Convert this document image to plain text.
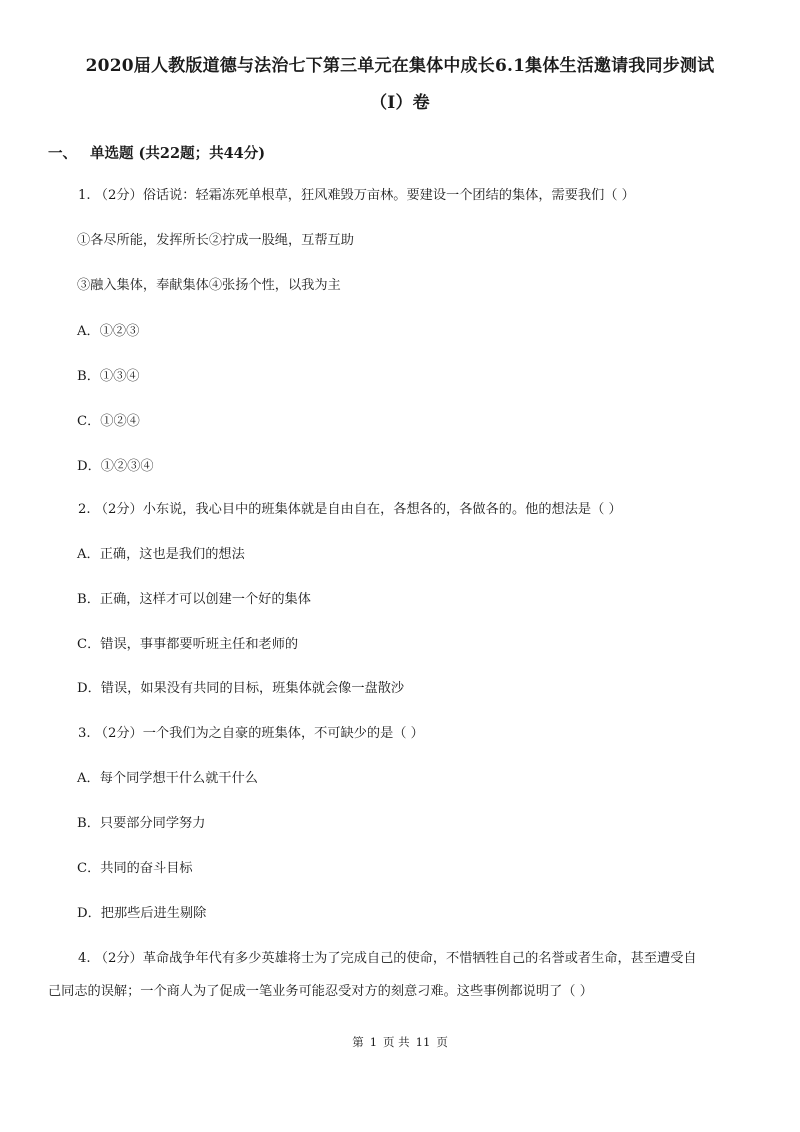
2020届人教版道德与法治七下第三单元在集体中成长6.1集体生活邀请我同步测试
（I）卷
一、 单选题 (共22题；共44分)
1. （2分）俗话说：轻霜冻死单根草，狂风难毁万亩林。要建设一个团结的集体，需要我们（ ）
①各尽所能，发挥所长②拧成一股绳，互帮互助
③融入集体，奉献集体④张扬个性，以我为主
A．①②③
B．①③④
C．①②④
D．①②③④
2. （2分）小东说，我心目中的班集体就是自由自在，各想各的，各做各的。他的想法是（ ）
A．正确，这也是我们的想法
B．正确，这样才可以创建一个好的集体
C．错误，事事都要听班主任和老师的
D．错误，如果没有共同的目标，班集体就会像一盘散沙
3. （2分）一个我们为之自豪的班集体，不可缺少的是（ ）
A．每个同学想干什么就干什么
B．只要部分同学努力
C．共同的奋斗目标
D．把那些后进生剔除
4. （2分）革命战争年代有多少英雄将士为了完成自己的使命，不惜牺牲自己的名誉或者生命，甚至遭受自
己同志的误解；一个商人为了促成一笔业务可能忍受对方的刻意刁难。这些事例都说明了（ ）
第 1 页 共 11 页
